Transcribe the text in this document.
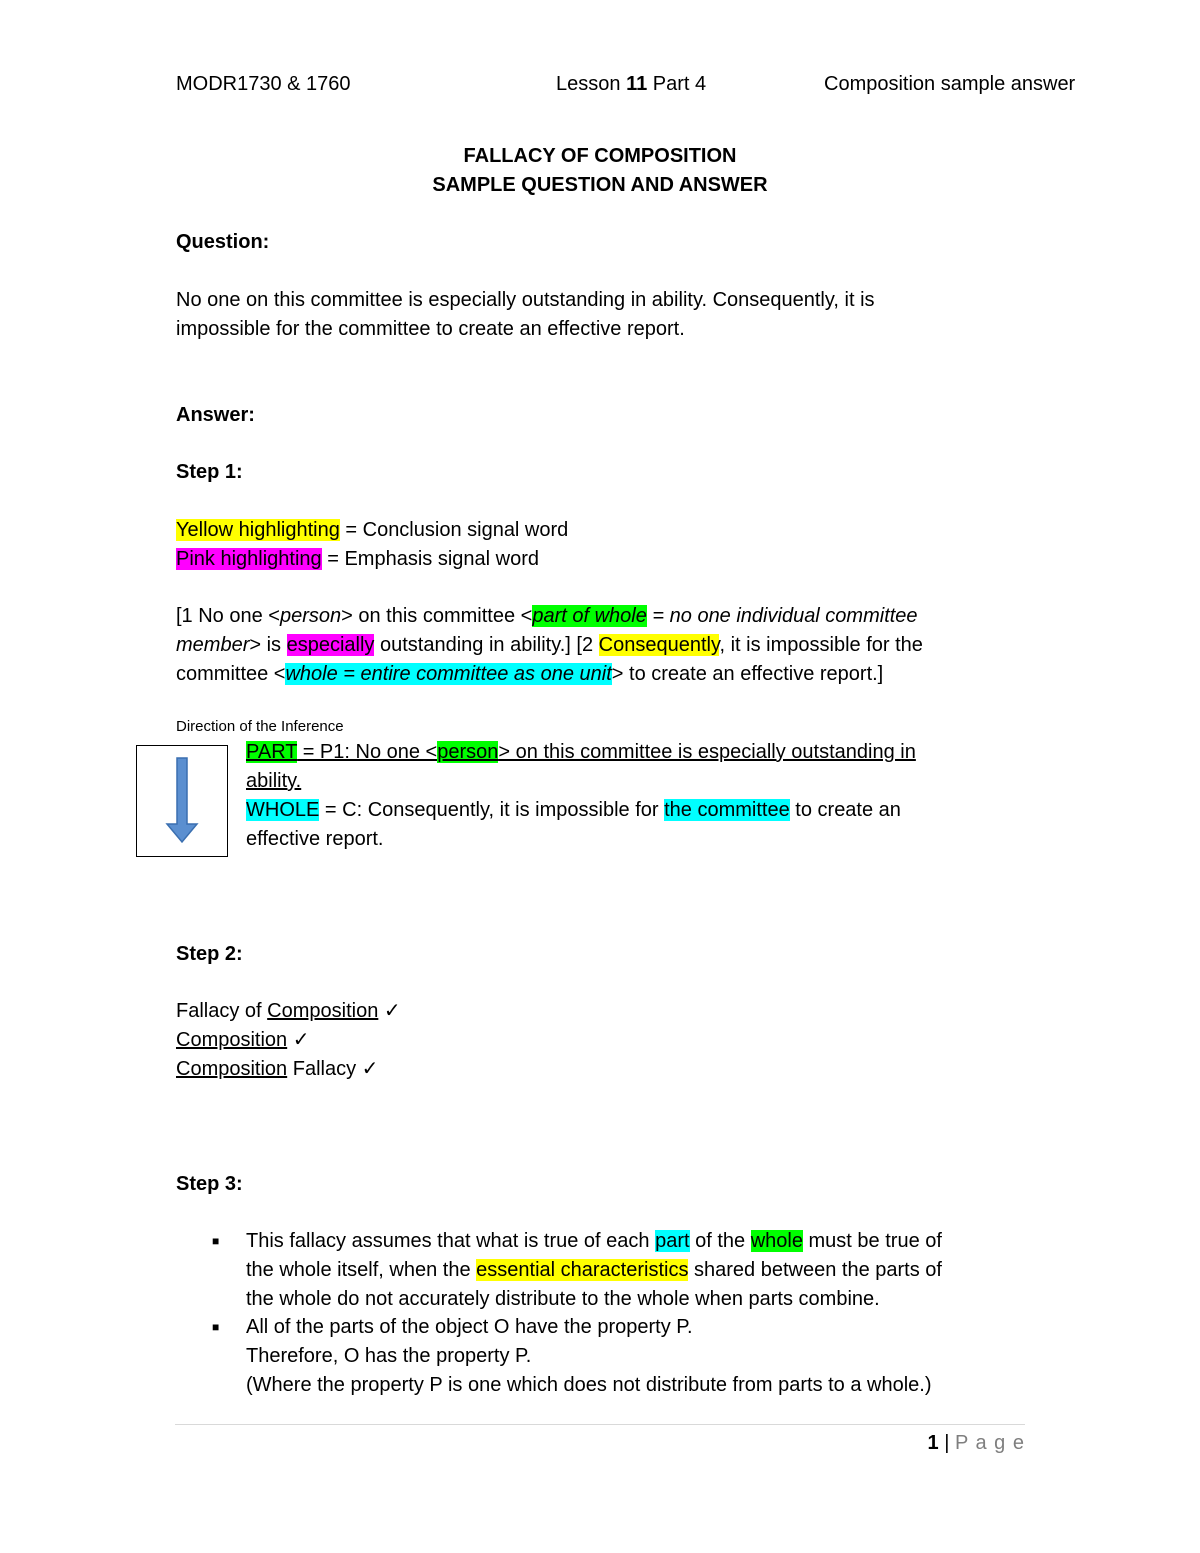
MODR1730 & 1760	Lesson 11 Part 4	Composition sample answer
FALLACY OF COMPOSITION
SAMPLE QUESTION AND ANSWER
Question:
No one on this committee is especially outstanding in ability. Consequently, it is
impossible for the committee to create an effective report.
Answer:
Step 1:
Yellow highlighting = Conclusion signal word
Pink highlighting = Emphasis signal word
[1 No one <person> on this committee <part of whole = no one individual committee
member> is especially outstanding in ability.] [2 Consequently, it is impossible for the
committee <whole = entire committee as one unit> to create an effective report.]
Direction of the Inference
PART = P1: No one <person> on this committee is especially outstanding in
ability.
WHOLE = C: Consequently, it is impossible for the committee to create an
effective report.
Step 2:
Fallacy of Composition ✓
Composition ✓
Composition Fallacy ✓
Step 3:
■ This fallacy assumes that what is true of each part of the whole must be true of
the whole itself, when the essential characteristics shared between the parts of
the whole do not accurately distribute to the whole when parts combine.
■ All of the parts of the object O have the property P.
Therefore, O has the property P.
(Where the property P is one which does not distribute from parts to a whole.)
1 | P a g e
